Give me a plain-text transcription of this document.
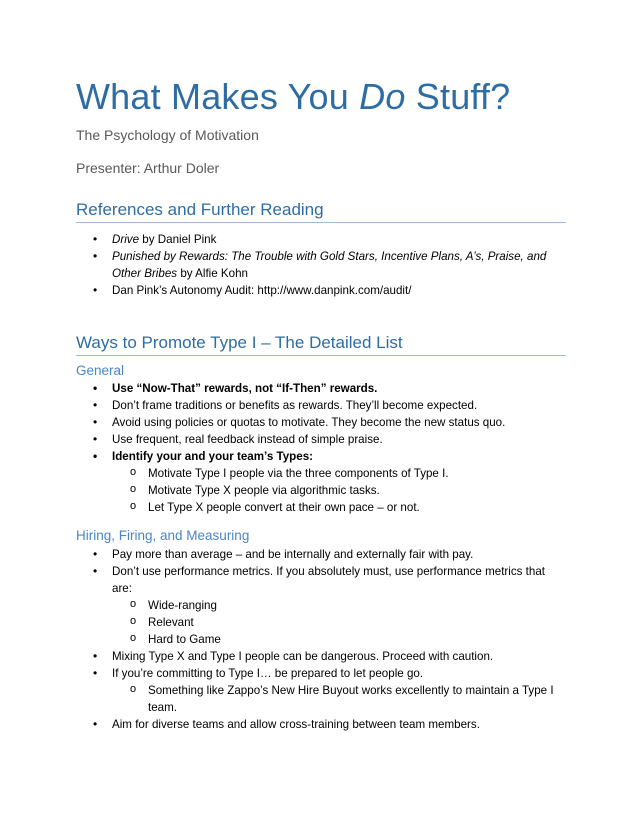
What Makes You Do Stuff?
The Psychology of Motivation
Presenter: Arthur Doler
References and Further Reading
• Drive by Daniel Pink
• Punished by Rewards: The Trouble with Gold Stars, Incentive Plans, A’s, Praise, and Other Bribes by Alfie Kohn
• Dan Pink’s Autonomy Audit: http://www.danpink.com/audit/
Ways to Promote Type I – The Detailed List
General
• Use “Now-That” rewards, not “If-Then” rewards.
• Don’t frame traditions or benefits as rewards. They’ll become expected.
• Avoid using policies or quotas to motivate. They become the new status quo.
• Use frequent, real feedback instead of simple praise.
• Identify your and your team’s Types:
o Motivate Type I people via the three components of Type I.
o Motivate Type X people via algorithmic tasks.
o Let Type X people convert at their own pace – or not.
Hiring, Firing, and Measuring
• Pay more than average – and be internally and externally fair with pay.
• Don’t use performance metrics. If you absolutely must, use performance metrics that are:
o Wide-ranging
o Relevant
o Hard to Game
• Mixing Type X and Type I people can be dangerous. Proceed with caution.
• If you’re committing to Type I… be prepared to let people go.
o Something like Zappo’s New Hire Buyout works excellently to maintain a Type I team.
• Aim for diverse teams and allow cross-training between team members.
